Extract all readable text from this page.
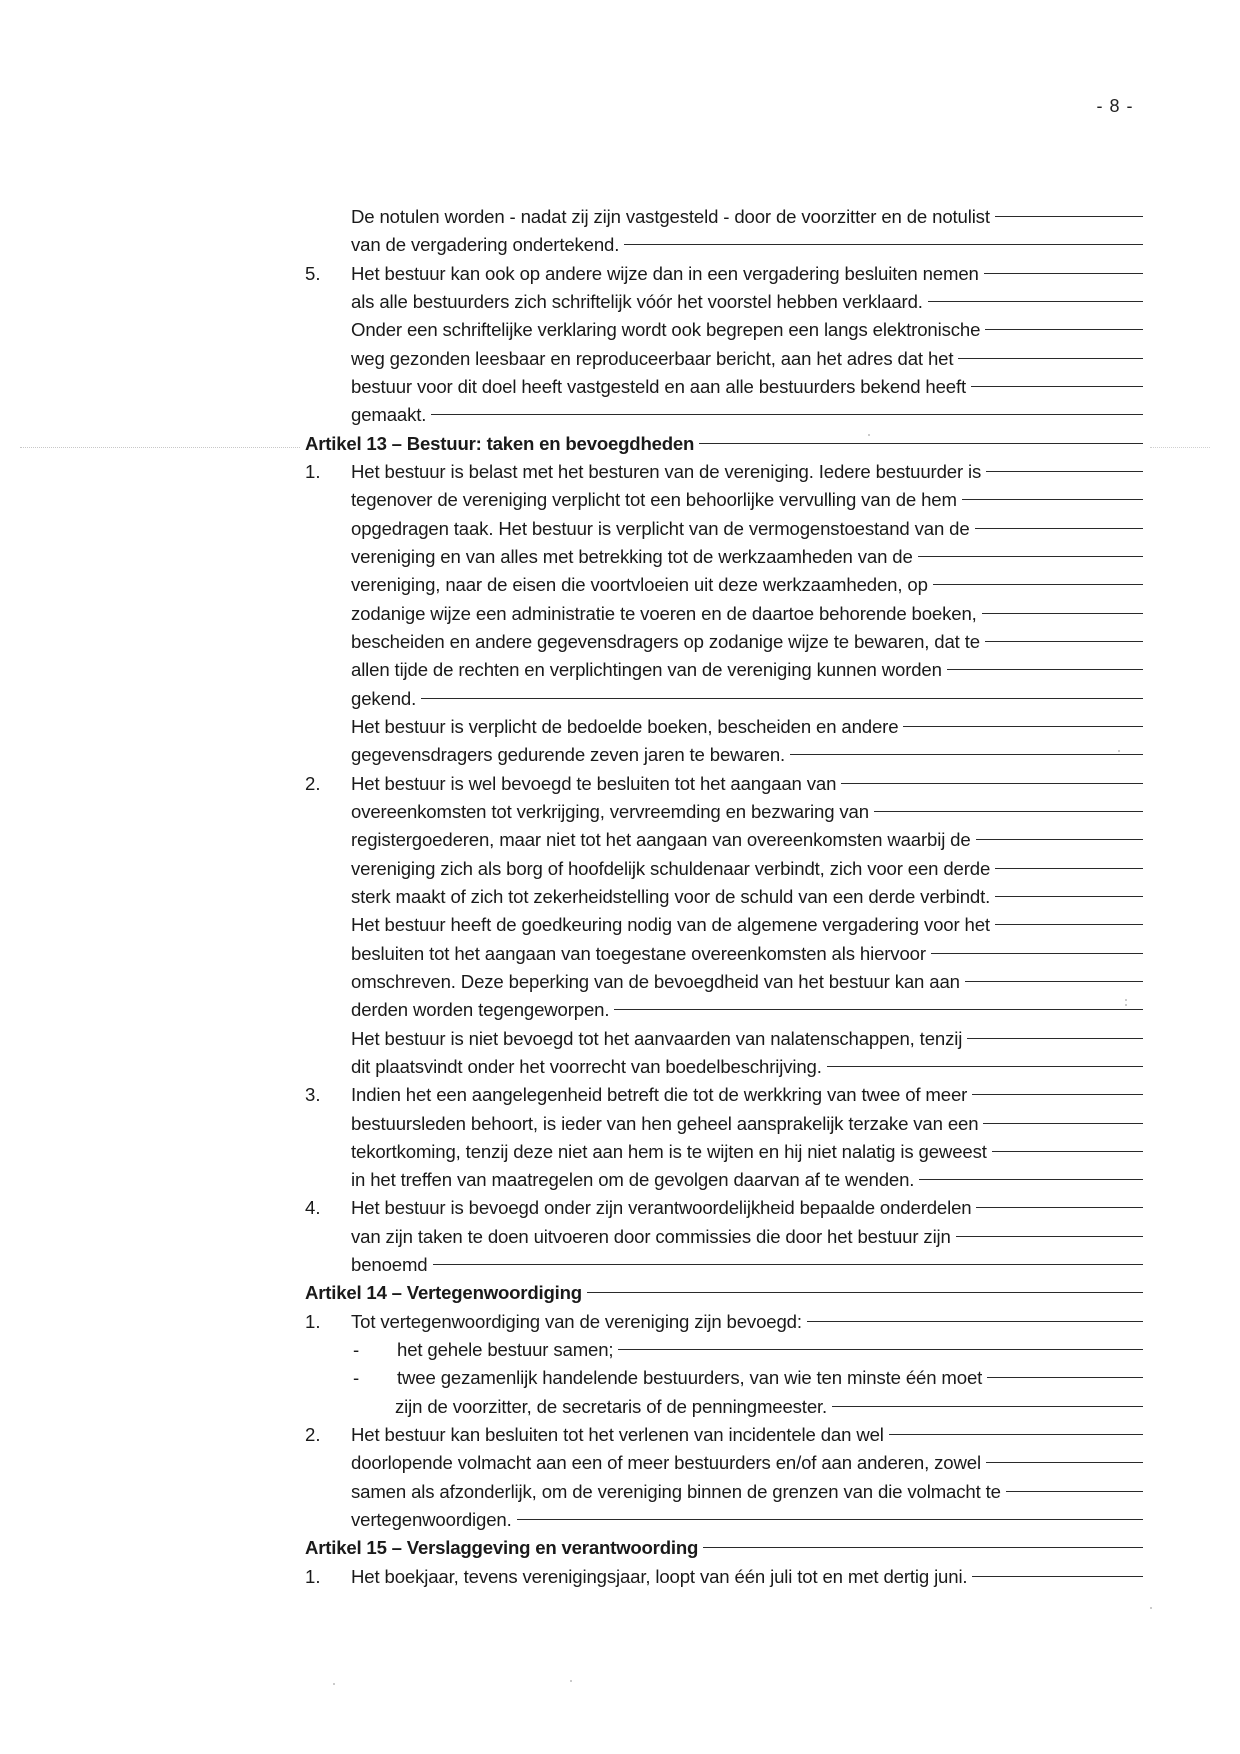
- 8 -
De notulen worden - nadat zij zijn vastgesteld - door de voorzitter en de notulist
van de vergadering ondertekend.
5.	Het bestuur kan ook op andere wijze dan in een vergadering besluiten nemen
als alle bestuurders zich schriftelijk vóór het voorstel hebben verklaard.
Onder een schriftelijke verklaring wordt ook begrepen een langs elektronische
weg gezonden leesbaar en reproduceerbaar bericht, aan het adres dat het
bestuur voor dit doel heeft vastgesteld en aan alle bestuurders bekend heeft
gemaakt.
Artikel 13 – Bestuur: taken en bevoegdheden
1.	Het bestuur is belast met het besturen van de vereniging. Iedere bestuurder is
tegenover de vereniging verplicht tot een behoorlijke vervulling van de hem
opgedragen taak. Het bestuur is verplicht van de vermogenstoestand van de
vereniging en van alles met betrekking tot de werkzaamheden van de
vereniging, naar de eisen die voortvloeien uit deze werkzaamheden, op
zodanige wijze een administratie te voeren en de daartoe behorende boeken,
bescheiden en andere gegevensdragers op zodanige wijze te bewaren, dat te
allen tijde de rechten en verplichtingen van de vereniging kunnen worden
gekend.
Het bestuur is verplicht de bedoelde boeken, bescheiden en andere
gegevensdragers gedurende zeven jaren te bewaren.
2.	Het bestuur is wel bevoegd te besluiten tot het aangaan van
overeenkomsten tot verkrijging, vervreemding en bezwaring van
registergoederen, maar niet tot het aangaan van overeenkomsten waarbij de
vereniging zich als borg of hoofdelijk schuldenaar verbindt, zich voor een derde
sterk maakt of zich tot zekerheidstelling voor de schuld van een derde verbindt.
Het bestuur heeft de goedkeuring nodig van de algemene vergadering voor het
besluiten tot het aangaan van toegestane overeenkomsten als hiervoor
omschreven. Deze beperking van de bevoegdheid van het bestuur kan aan
derden worden tegengeworpen.
Het bestuur is niet bevoegd tot het aanvaarden van nalatenschappen, tenzij
dit plaatsvindt onder het voorrecht van boedelbeschrijving.
3.	Indien het een aangelegenheid betreft die tot de werkkring van twee of meer
bestuursleden behoort, is ieder van hen geheel aansprakelijk terzake van een
tekortkoming, tenzij deze niet aan hem is te wijten en hij niet nalatig is geweest
in het treffen van maatregelen om de gevolgen daarvan af te wenden.
4.	Het bestuur is bevoegd onder zijn verantwoordelijkheid bepaalde onderdelen
van zijn taken te doen uitvoeren door commissies die door het bestuur zijn
benoemd
Artikel 14 – Vertegenwoordiging
1.	Tot vertegenwoordiging van de vereniging zijn bevoegd:
-	het gehele bestuur samen;
-	twee gezamenlijk handelende bestuurders, van wie ten minste één moet
zijn de voorzitter, de secretaris of de penningmeester.
2.	Het bestuur kan besluiten tot het verlenen van incidentele dan wel
doorlopende volmacht aan een of meer bestuurders en/of aan anderen, zowel
samen als afzonderlijk, om de vereniging binnen de grenzen van die volmacht te
vertegenwoordigen.
Artikel 15 – Verslaggeving en verantwoording
1.	Het boekjaar, tevens verenigingsjaar, loopt van één juli tot en met dertig juni.
